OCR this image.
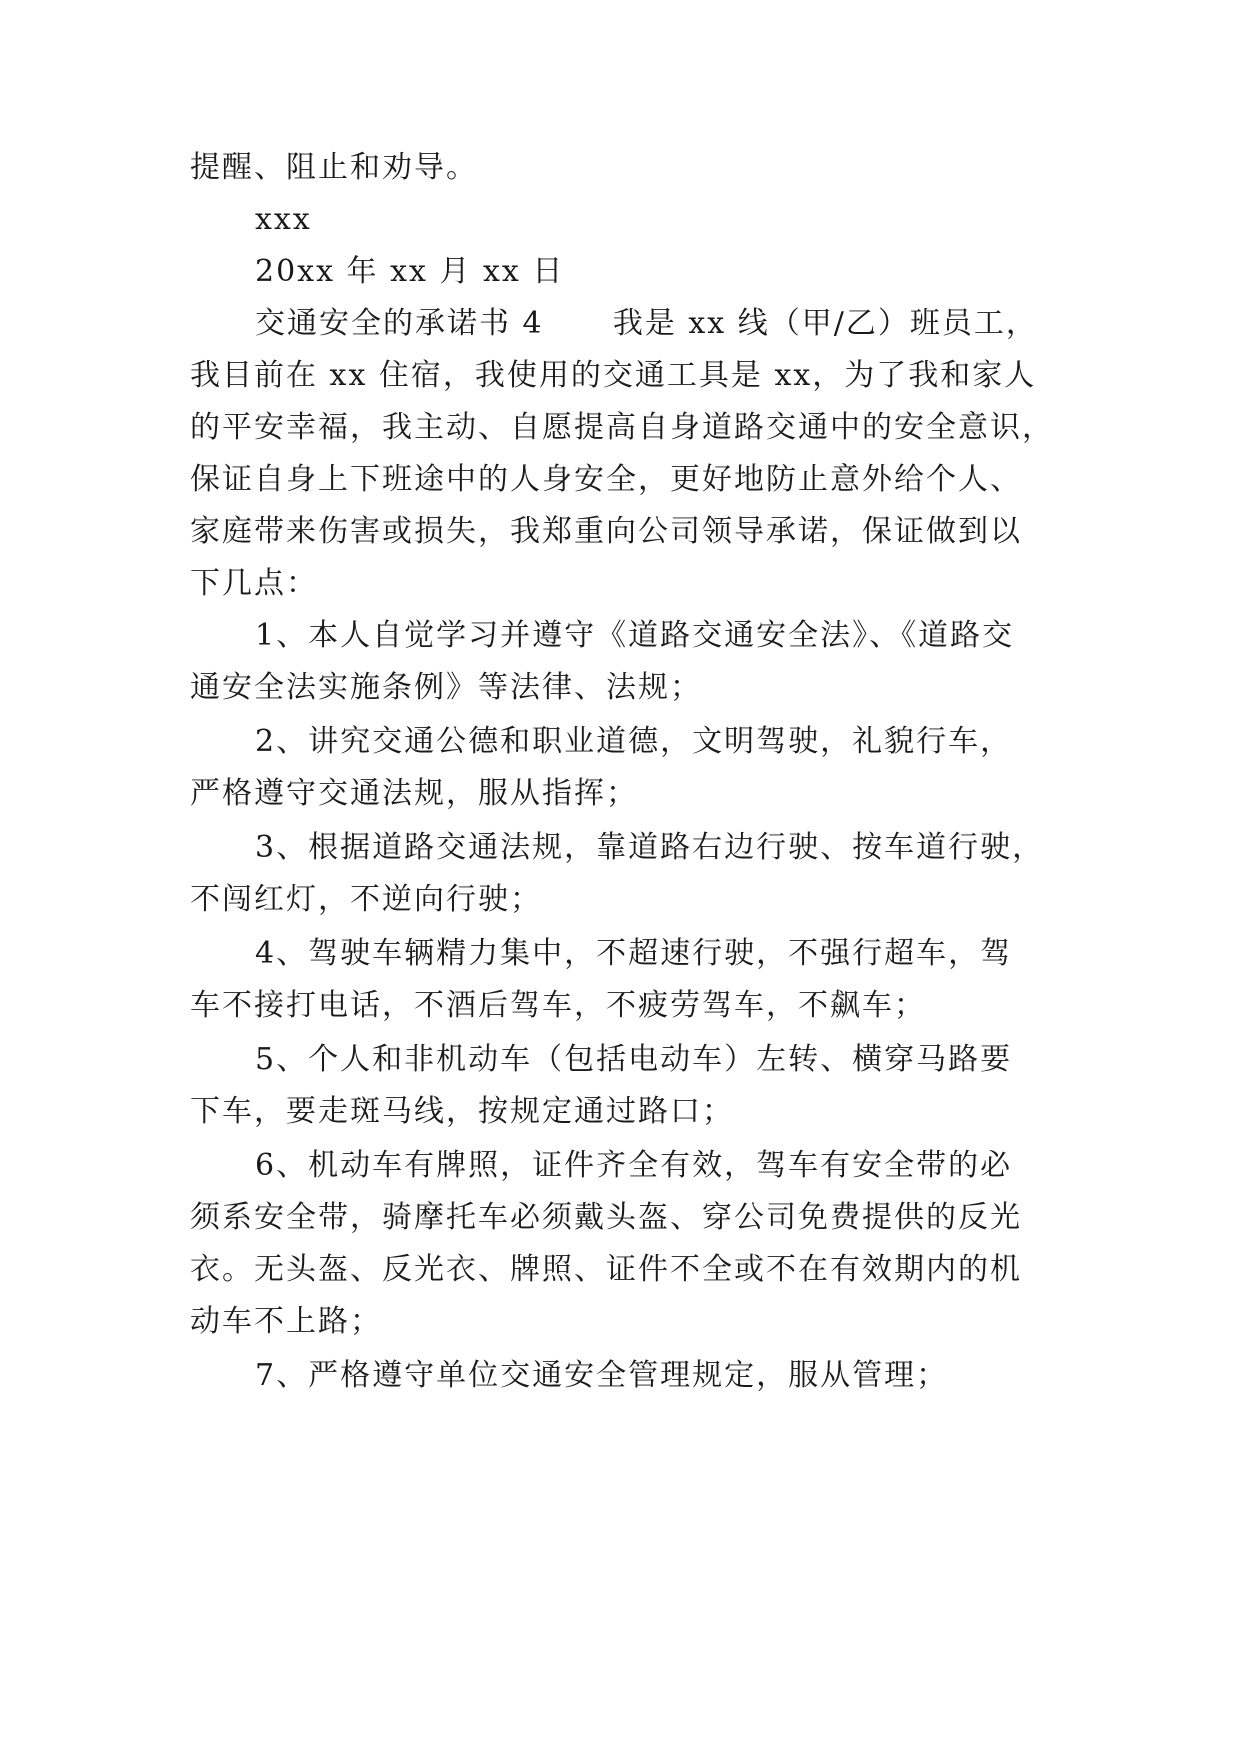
提醒、阻止和劝导。
xxx
20xx 年 xx 月 xx 日
交通安全的承诺书 4      我是 xx 线（甲/乙）班员工，
我目前在 xx 住宿，我使用的交通工具是 xx，为了我和家人
的平安幸福，我主动、自愿提高自身道路交通中的安全意识，
保证自身上下班途中的人身安全，更好地防止意外给个人、
家庭带来伤害或损失，我郑重向公司领导承诺，保证做到以
下几点：
1、本人自觉学习并遵守《道路交通安全法》、《道路交
通安全法实施条例》等法律、法规；
2、讲究交通公德和职业道德，文明驾驶，礼貌行车，
严格遵守交通法规，服从指挥；
3、根据道路交通法规，靠道路右边行驶、按车道行驶，
不闯红灯，不逆向行驶；
4、驾驶车辆精力集中，不超速行驶，不强行超车，驾
车不接打电话，不酒后驾车，不疲劳驾车，不飙车；
5、个人和非机动车（包括电动车）左转、横穿马路要
下车，要走斑马线，按规定通过路口；
6、机动车有牌照，证件齐全有效，驾车有安全带的必
须系安全带，骑摩托车必须戴头盔、穿公司免费提供的反光
衣。无头盔、反光衣、牌照、证件不全或不在有效期内的机
动车不上路；
7、严格遵守单位交通安全管理规定，服从管理；
